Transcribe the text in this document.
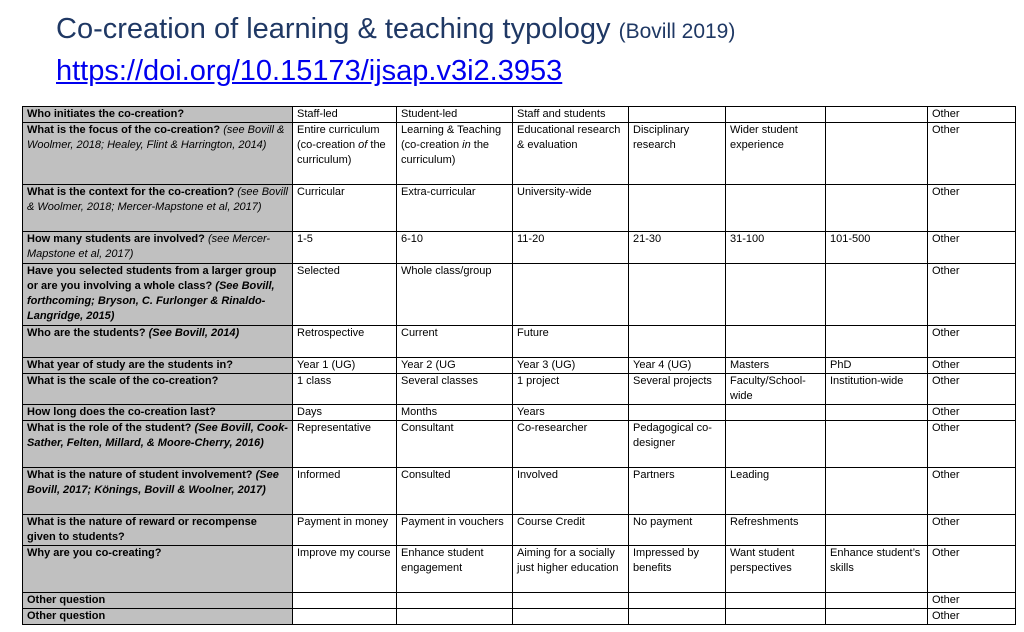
Co-creation of learning & teaching typology (Bovill 2019)
https://doi.org/10.15173/ijsap.v3i2.3953
Who initiates the co-creation?	Staff-led	Student-led	Staff and students				Other
What is the focus of the co-creation? (see Bovill & Woolmer, 2018; Healey, Flint & Harrington, 2014)	Entire curriculum (co-creation of the curriculum)	Learning & Teaching (co-creation in the curriculum)	Educational research & evaluation	Disciplinary research	Wider student experience		Other
What is the context for the co-creation? (see Bovill & Woolmer, 2018; Mercer-Mapstone et al, 2017)	Curricular	Extra-curricular	University-wide				Other
How many students are involved? (see Mercer-Mapstone et al, 2017)	1-5	6-10	11-20	21-30	31-100	101-500	Other
Have you selected students from a larger group or are you involving a whole class? (See Bovill, forthcoming; Bryson, C. Furlonger & Rinaldo-Langridge, 2015)	Selected	Whole class/group					Other
Who are the students? (See Bovill, 2014)	Retrospective	Current	Future				Other
What year of study are the students in?	Year 1 (UG)	Year 2 (UG	Year 3 (UG)	Year 4 (UG)	Masters	PhD	Other
What is the scale of the co-creation?	1 class	Several classes	1 project	Several projects	Faculty/School-wide	Institution-wide	Other
How long does the co-creation last?	Days	Months	Years				Other
What is the role of the student? (See Bovill, Cook-Sather, Felten, Millard, & Moore-Cherry, 2016)	Representative	Consultant	Co-researcher	Pedagogical co-designer			Other
What is the nature of student involvement? (See Bovill, 2017; Könings, Bovill & Woolner, 2017)	Informed	Consulted	Involved	Partners	Leading		Other
What is the nature of reward or recompense given to students?	Payment in money	Payment in vouchers	Course Credit	No payment	Refreshments		Other
Why are you co-creating?	Improve my course	Enhance student engagement	Aiming for a socially just higher education	Impressed by benefits	Want student perspectives	Enhance student’s skills	Other
Other question							Other
Other question							Other
